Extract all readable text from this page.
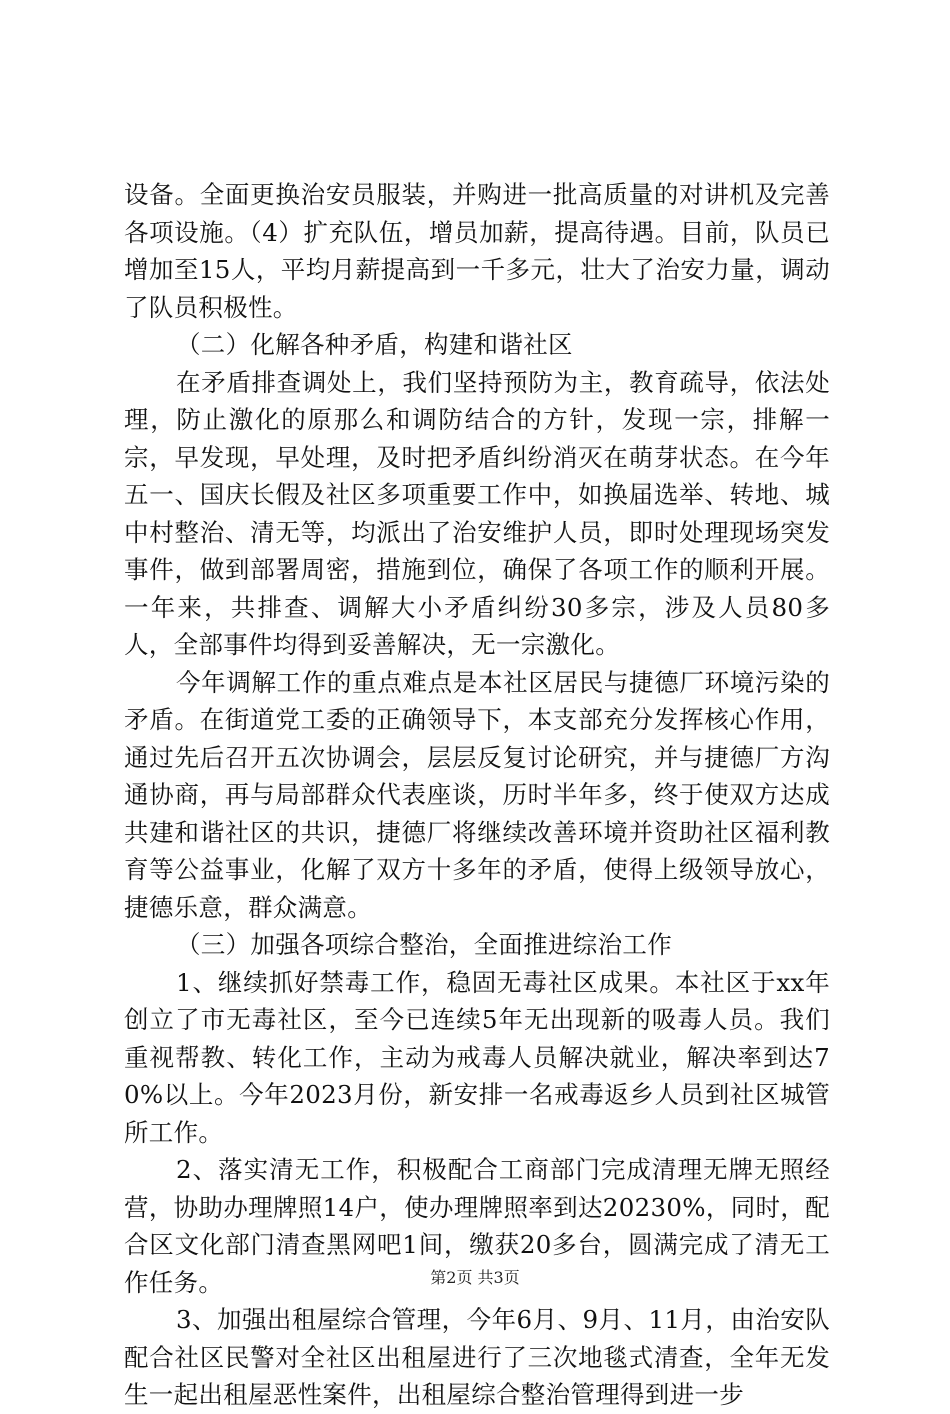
设备。全面更换治安员服装，并购进一批高质量的对讲机及完善各项设施。（4）扩充队伍，增员加薪，提高待遇。目前，队员已增加至15人，平均月薪提高到一千多元，壮大了治安力量，调动了队员积极性。

（二）化解各种矛盾，构建和谐社区

在矛盾排查调处上，我们坚持预防为主，教育疏导，依法处理，防止激化的原那么和调防结合的方针，发现一宗，排解一宗，早发现，早处理，及时把矛盾纠纷消灭在萌芽状态。在今年五一、国庆长假及社区多项重要工作中，如换届选举、转地、城中村整治、清无等，均派出了治安维护人员，即时处理现场突发事件，做到部署周密，措施到位，确保了各项工作的顺利开展。一年来，共排查、调解大小矛盾纠纷30多宗，涉及人员80多人，全部事件均得到妥善解决，无一宗激化。

今年调解工作的重点难点是本社区居民与捷德厂环境污染的矛盾。在街道党工委的正确领导下，本支部充分发挥核心作用，通过先后召开五次协调会，层层反复讨论研究，并与捷德厂方沟通协商，再与局部群众代表座谈，历时半年多，终于使双方达成共建和谐社区的共识，捷德厂将继续改善环境并资助社区福利教育等公益事业，化解了双方十多年的矛盾，使得上级领导放心，捷德乐意，群众满意。

（三）加强各项综合整治，全面推进综治工作

1、继续抓好禁毒工作，稳固无毒社区成果。本社区于xx年创立了市无毒社区，至今已连续5年无出现新的吸毒人员。我们重视帮教、转化工作，主动为戒毒人员解决就业，解决率到达70%以上。今年2023月份，新安排一名戒毒返乡人员到社区城管所工作。

2、落实清无工作，积极配合工商部门完成清理无牌无照经营，协助办理牌照14户，使办理牌照率到达20230%，同时，配合区文化部门清查黑网吧1间，缴获20多台，圆满完成了清无工作任务。

3、加强出租屋综合管理，今年6月、9月、11月，由治安队配合社区民警对全社区出租屋进行了三次地毯式清查，全年无发生一起出租屋恶性案件，出租屋综合整治管理得到进一步

第2页 共3页
